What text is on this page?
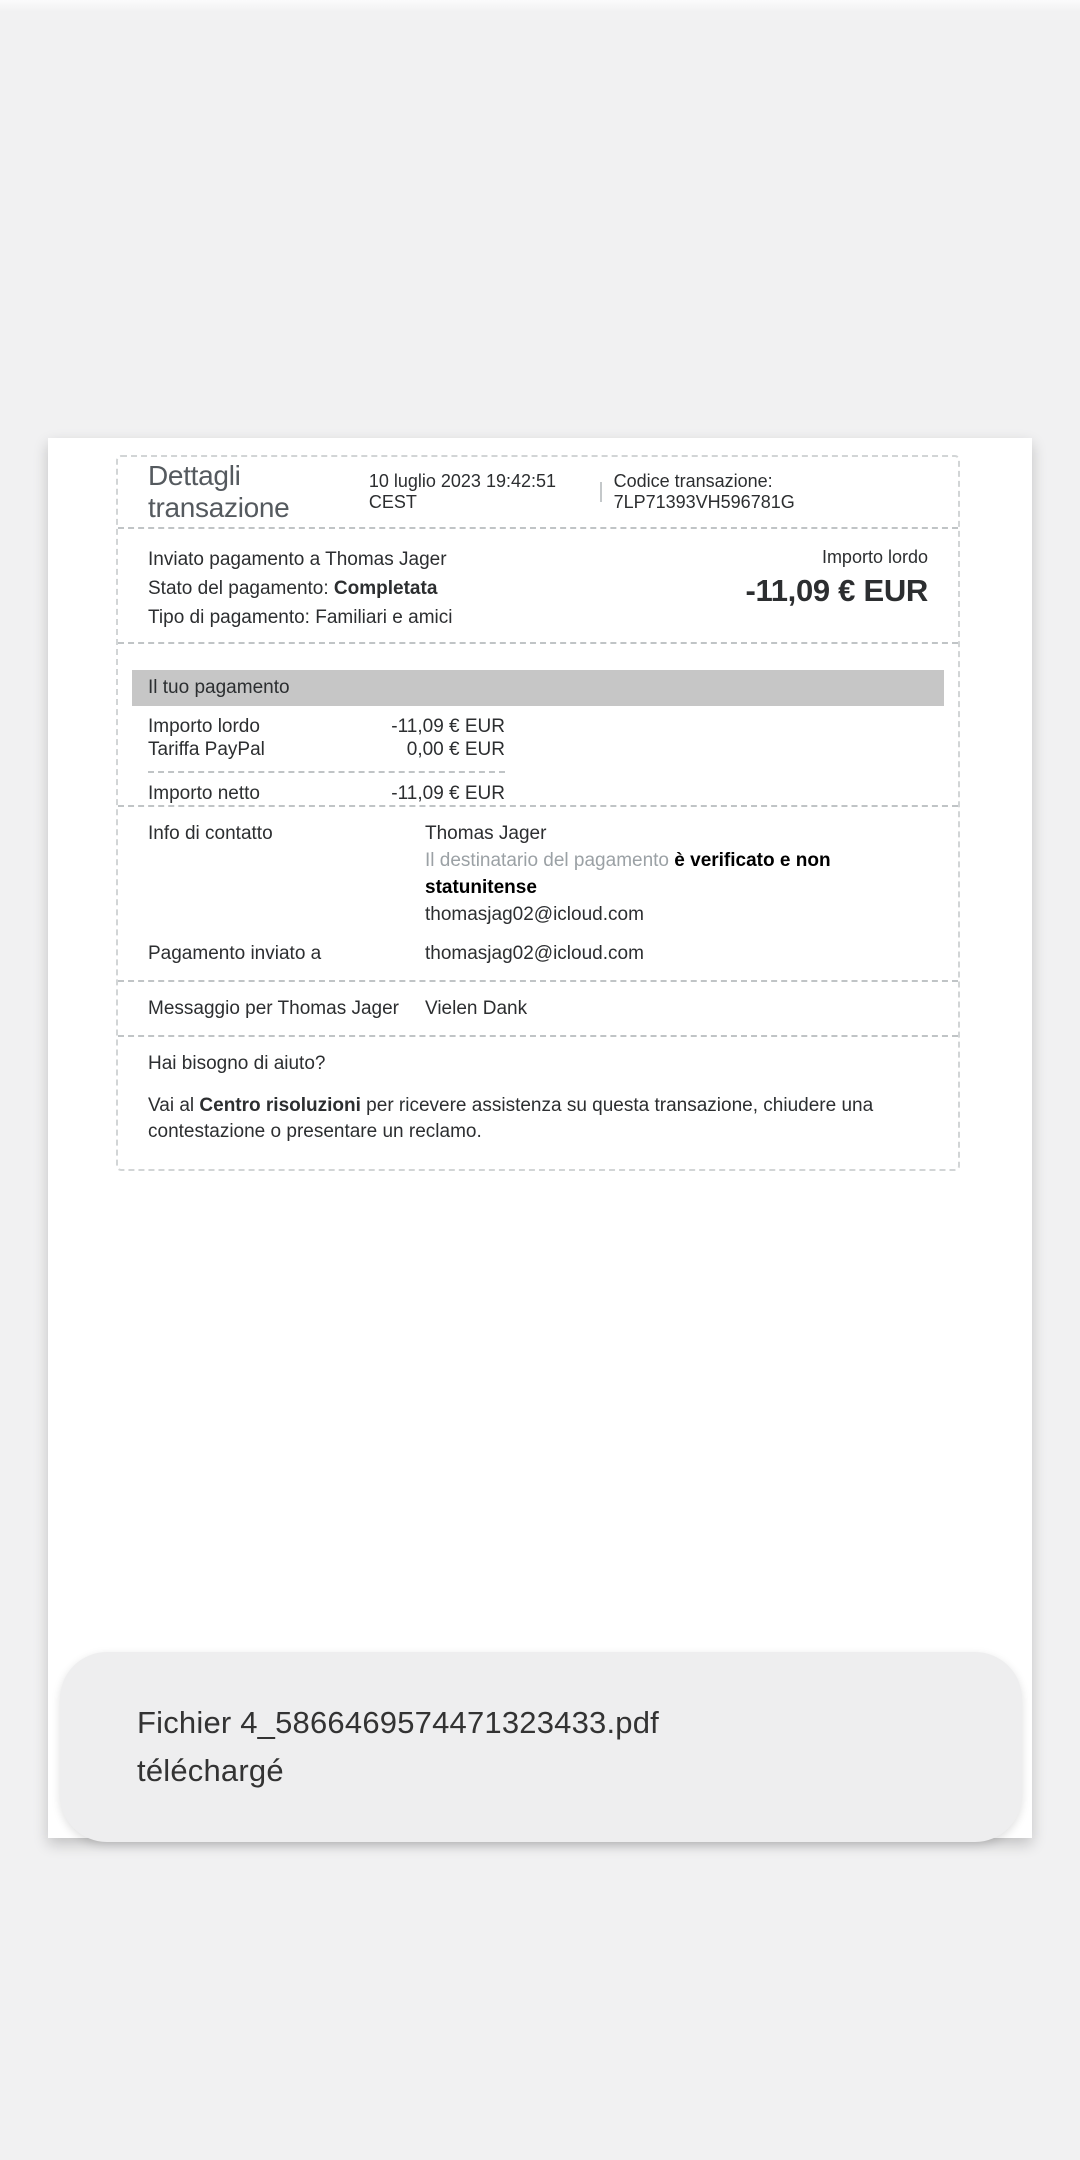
Dettagli transazione
10 luglio 2023 19:42:51 CEST
Codice transazione: 7LP71393VH596781G
Inviato pagamento a Thomas Jager
Stato del pagamento: Completata
Tipo di pagamento: Familiari e amici
Importo lordo
-11,09 € EUR
Il tuo pagamento
Importo lordo	-11,09 € EUR
Tariffa PayPal	0,00 € EUR
Importo netto	-11,09 € EUR
Info di contatto	Thomas Jager
Il destinatario del pagamento è verificato e non statunitense
thomasjag02@icloud.com
Pagamento inviato a	thomasjag02@icloud.com
Messaggio per Thomas Jager	Vielen Dank
Hai bisogno di aiuto?
Vai al Centro risoluzioni per ricevere assistenza su questa transazione, chiudere una contestazione o presentare un reclamo.
Fichier 4_5866469574471323433.pdf téléchargé
